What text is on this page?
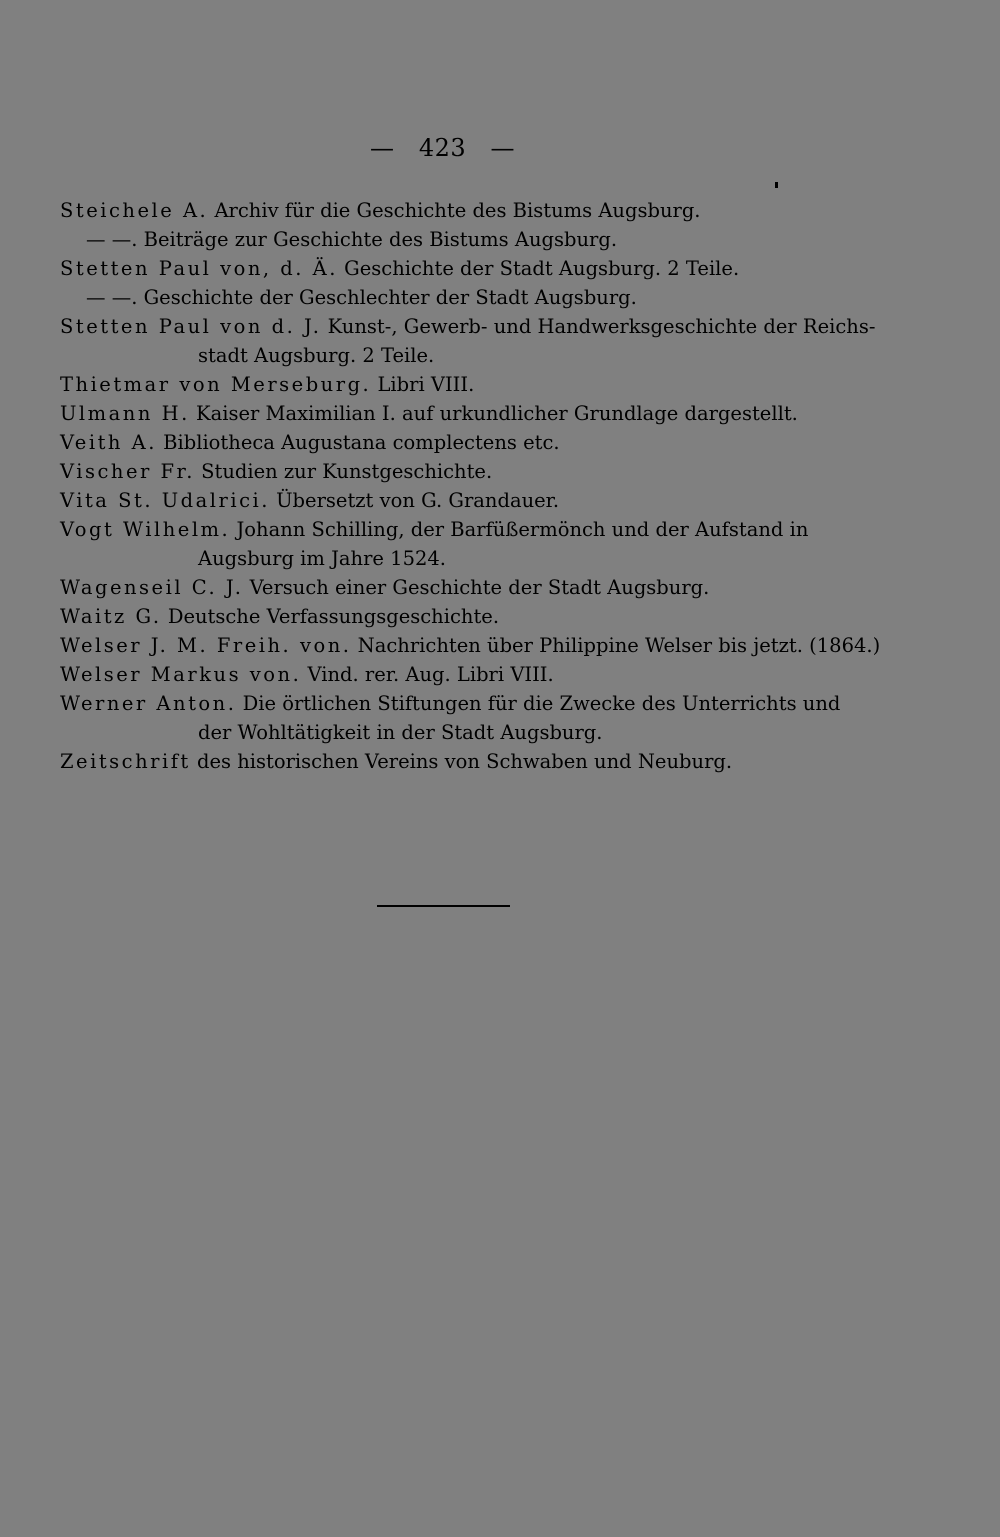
—   423   —
Steichele A. Archiv für die Geschichte des Bistums Augsburg.
— —. Beiträge zur Geschichte des Bistums Augsburg.
Stetten Paul von, d. Ä. Geschichte der Stadt Augsburg. 2 Teile.
— —. Geschichte der Geschlechter der Stadt Augsburg.
Stetten Paul von d. J. Kunst-, Gewerb- und Handwerksgeschichte der Reichs-
stadt Augsburg. 2 Teile.
Thietmar von Merseburg. Libri VIII.
Ulmann H. Kaiser Maximilian I. auf urkundlicher Grundlage dargestellt.
Veith A. Bibliotheca Augustana complectens etc.
Vischer Fr. Studien zur Kunstgeschichte.
Vita St. Udalrici. Übersetzt von G. Grandauer.
Vogt Wilhelm. Johann Schilling, der Barfüßermönch und der Aufstand in
Augsburg im Jahre 1524.
Wagenseil C. J. Versuch einer Geschichte der Stadt Augsburg.
Waitz G. Deutsche Verfassungsgeschichte.
Welser J. M. Freih. von. Nachrichten über Philippine Welser bis jetzt. (1864.)
Welser Markus von. Vind. rer. Aug. Libri VIII.
Werner Anton. Die örtlichen Stiftungen für die Zwecke des Unterrichts und
der Wohltätigkeit in der Stadt Augsburg.
Zeitschrift des historischen Vereins von Schwaben und Neuburg.
